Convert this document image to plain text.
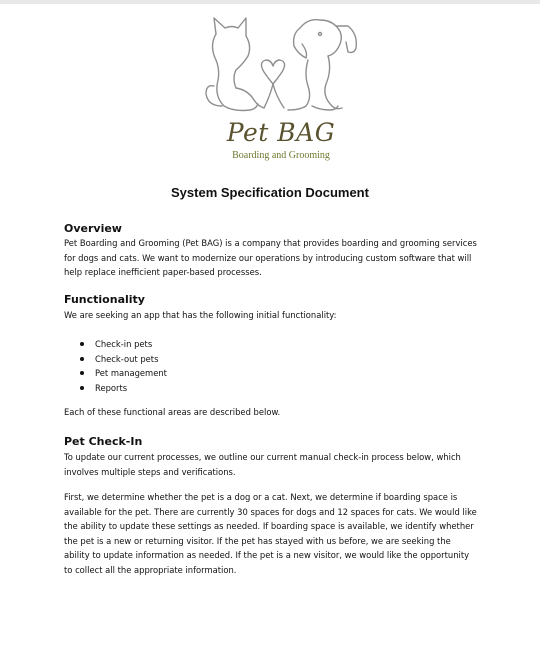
Pet BAG
Boarding and Grooming
System Specification Document
Overview
Pet Boarding and Grooming (Pet BAG) is a company that provides boarding and grooming services for dogs and cats. We want to modernize our operations by introducing custom software that will help replace inefficient paper-based processes.
Functionality
We are seeking an app that has the following initial functionality:
Check-in pets
Check-out pets
Pet management
Reports
Each of these functional areas are described below.
Pet Check-In
To update our current processes, we outline our current manual check-in process below, which involves multiple steps and verifications.
First, we determine whether the pet is a dog or a cat. Next, we determine if boarding space is available for the pet. There are currently 30 spaces for dogs and 12 spaces for cats. We would like the ability to update these settings as needed. If boarding space is available, we identify whether the pet is a new or returning visitor. If the pet has stayed with us before, we are seeking the ability to update information as needed. If the pet is a new visitor, we would like the opportunity to collect all the appropriate information.
